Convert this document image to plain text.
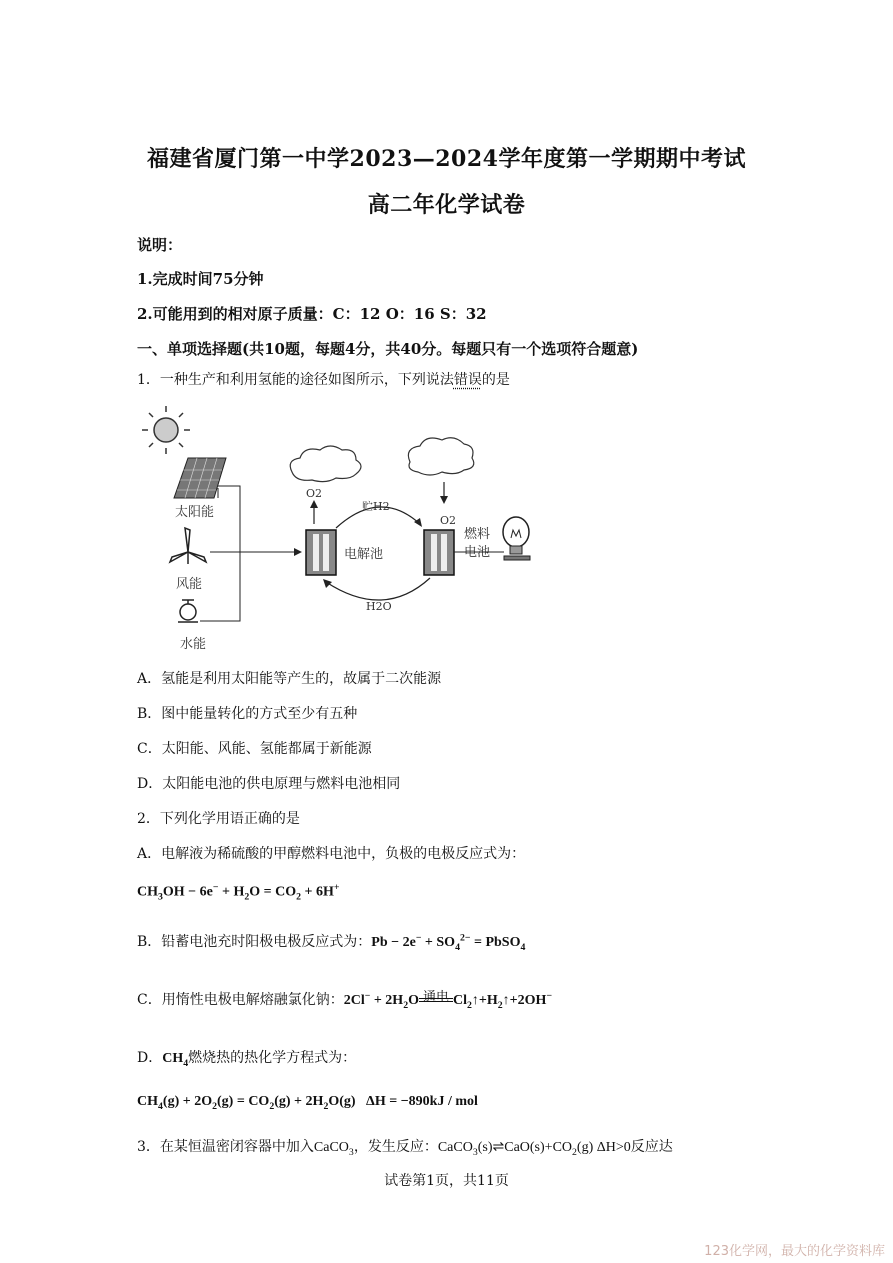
福建省厦门第一中学2023—2024学年度第一学期期中考试
高二年化学试卷
说明：
1.完成时间75分钟
2.可能用到的相对原子质量：C：12 O：16 S：32
一、单项选择题(共10题，每题4分，共40分。每题只有一个选项符合题意)
1．一种生产和利用氢能的途径如图所示，下列说法错误的是
太阳能
风能
水能
电解池
O2
贮H2
H2O
燃料
电池
O2
A．氢能是利用太阳能等产生的，故属于二次能源
B．图中能量转化的方式至少有五种
C．太阳能、风能、氢能都属于新能源
D．太阳能电池的供电原理与燃料电池相同
2．下列化学用语正确的是
A．电解液为稀硫酸的甲醇燃料电池中，负极的电极反应式为：
$CH_3OH - 6e^- + H_2O = CO_2 + 6H^+$
B．铅蓄电池充时阳极电极反应式为：$Pb - 2e^- + SO_4^{2-}$ = PbSO$_4$
C．用惰性电极电解熔融氯化钠：$2Cl^- + 2H_2O$ 通电 $Cl_2↑+H_2↑+2OH^-$
D．$CH_4$燃烧热的热化学方程式为：
$CH_4(g) + 2O_2(g) = CO_2(g) + 2H_2O(g) \Delta H = -890kJ$ / mol
3．在某恒温密闭容器中加入CaCO$_3$，发生反应：$CaCO_3(s)\rightleftharpoons CaO(s)+CO_2(g)$ ΔH>0反应达
试卷第1页，共11页
123化学网，最大的化学资料库
